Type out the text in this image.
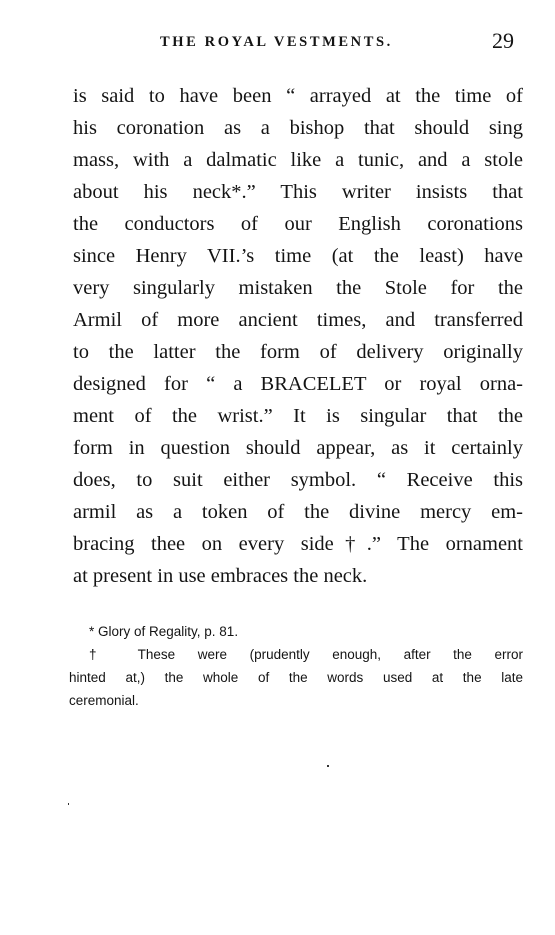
THE ROYAL VESTMENTS.	29
is said to have been “ arrayed at the time of
his coronation as a bishop that should sing
mass, with a dalmatic like a tunic, and a stole
about his neck*.” This writer insists that
the conductors of our English coronations
since Henry VII.’s time (at the least) have
very singularly mistaken the Stole for the
Armil of more ancient times, and transferred
to the latter the form of delivery originally
designed for “ a BRACELET or royal orna-
ment of the wrist.” It is singular that the
form in question should appear, as it certainly
does, to suit either symbol. “ Receive this
armil as a token of the divine mercy em-
bracing thee on every side†.” The ornament
at present in use embraces the neck.
* Glory of Regality, p. 81.
† These were (prudently enough, after the error
hinted at,) the whole of the words used at the late
ceremonial.
